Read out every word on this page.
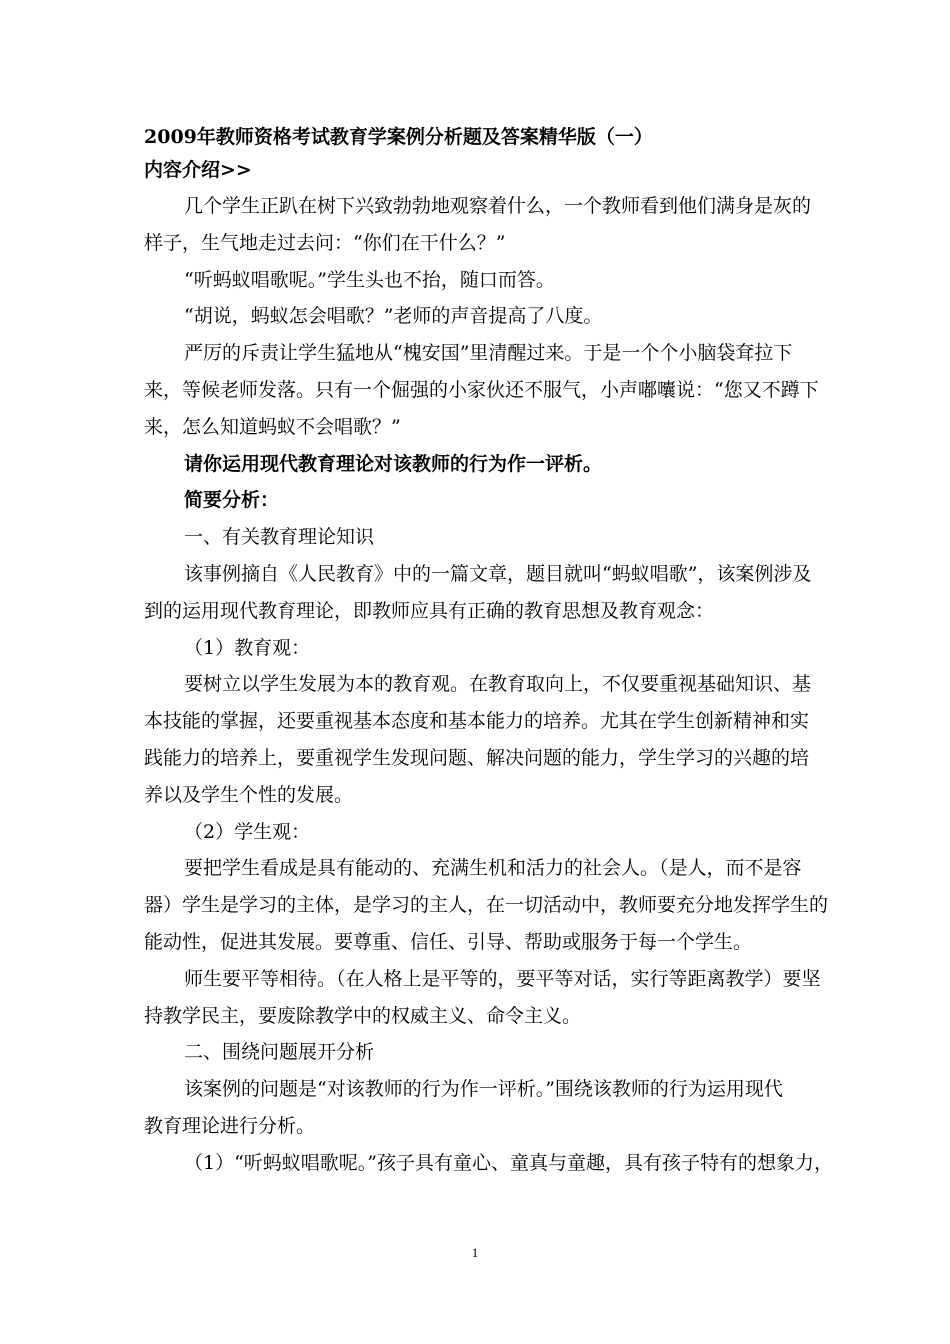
2009年教师资格考试教育学案例分析题及答案精华版（一）
内容介绍>>
几个学生正趴在树下兴致勃勃地观察着什么，一个教师看到他们满身是灰的
样子，生气地走过去问：“你们在干什么？”
“听蚂蚁唱歌呢。”学生头也不抬，随口而答。
“胡说，蚂蚁怎会唱歌？”老师的声音提高了八度。
严厉的斥责让学生猛地从“槐安国”里清醒过来。于是一个个小脑袋耷拉下
来，等候老师发落。只有一个倔强的小家伙还不服气，小声嘟囔说：“您又不蹲下
来，怎么知道蚂蚁不会唱歌？”
请你运用现代教育理论对该教师的行为作一评析。
简要分析：
一、有关教育理论知识
该事例摘自《人民教育》中的一篇文章，题目就叫“蚂蚁唱歌”，该案例涉及
到的运用现代教育理论，即教师应具有正确的教育思想及教育观念：
（1）教育观：
要树立以学生发展为本的教育观。在教育取向上，不仅要重视基础知识、基
本技能的掌握，还要重视基本态度和基本能力的培养。尤其在学生创新精神和实
践能力的培养上，要重视学生发现问题、解决问题的能力，学生学习的兴趣的培
养以及学生个性的发展。
（2）学生观：
要把学生看成是具有能动的、充满生机和活力的社会人。（是人，而不是容
器）学生是学习的主体，是学习的主人，在一切活动中，教师要充分地发挥学生的
能动性，促进其发展。要尊重、信任、引导、帮助或服务于每一个学生。
师生要平等相待。（在人格上是平等的，要平等对话，实行等距离教学）要坚
持教学民主，要废除教学中的权威主义、命令主义。
二、围绕问题展开分析
该案例的问题是“对该教师的行为作一评析。”围绕该教师的行为运用现代
教育理论进行分析。
（1）“听蚂蚁唱歌呢。”孩子具有童心、童真与童趣，具有孩子特有的想象力，
1
